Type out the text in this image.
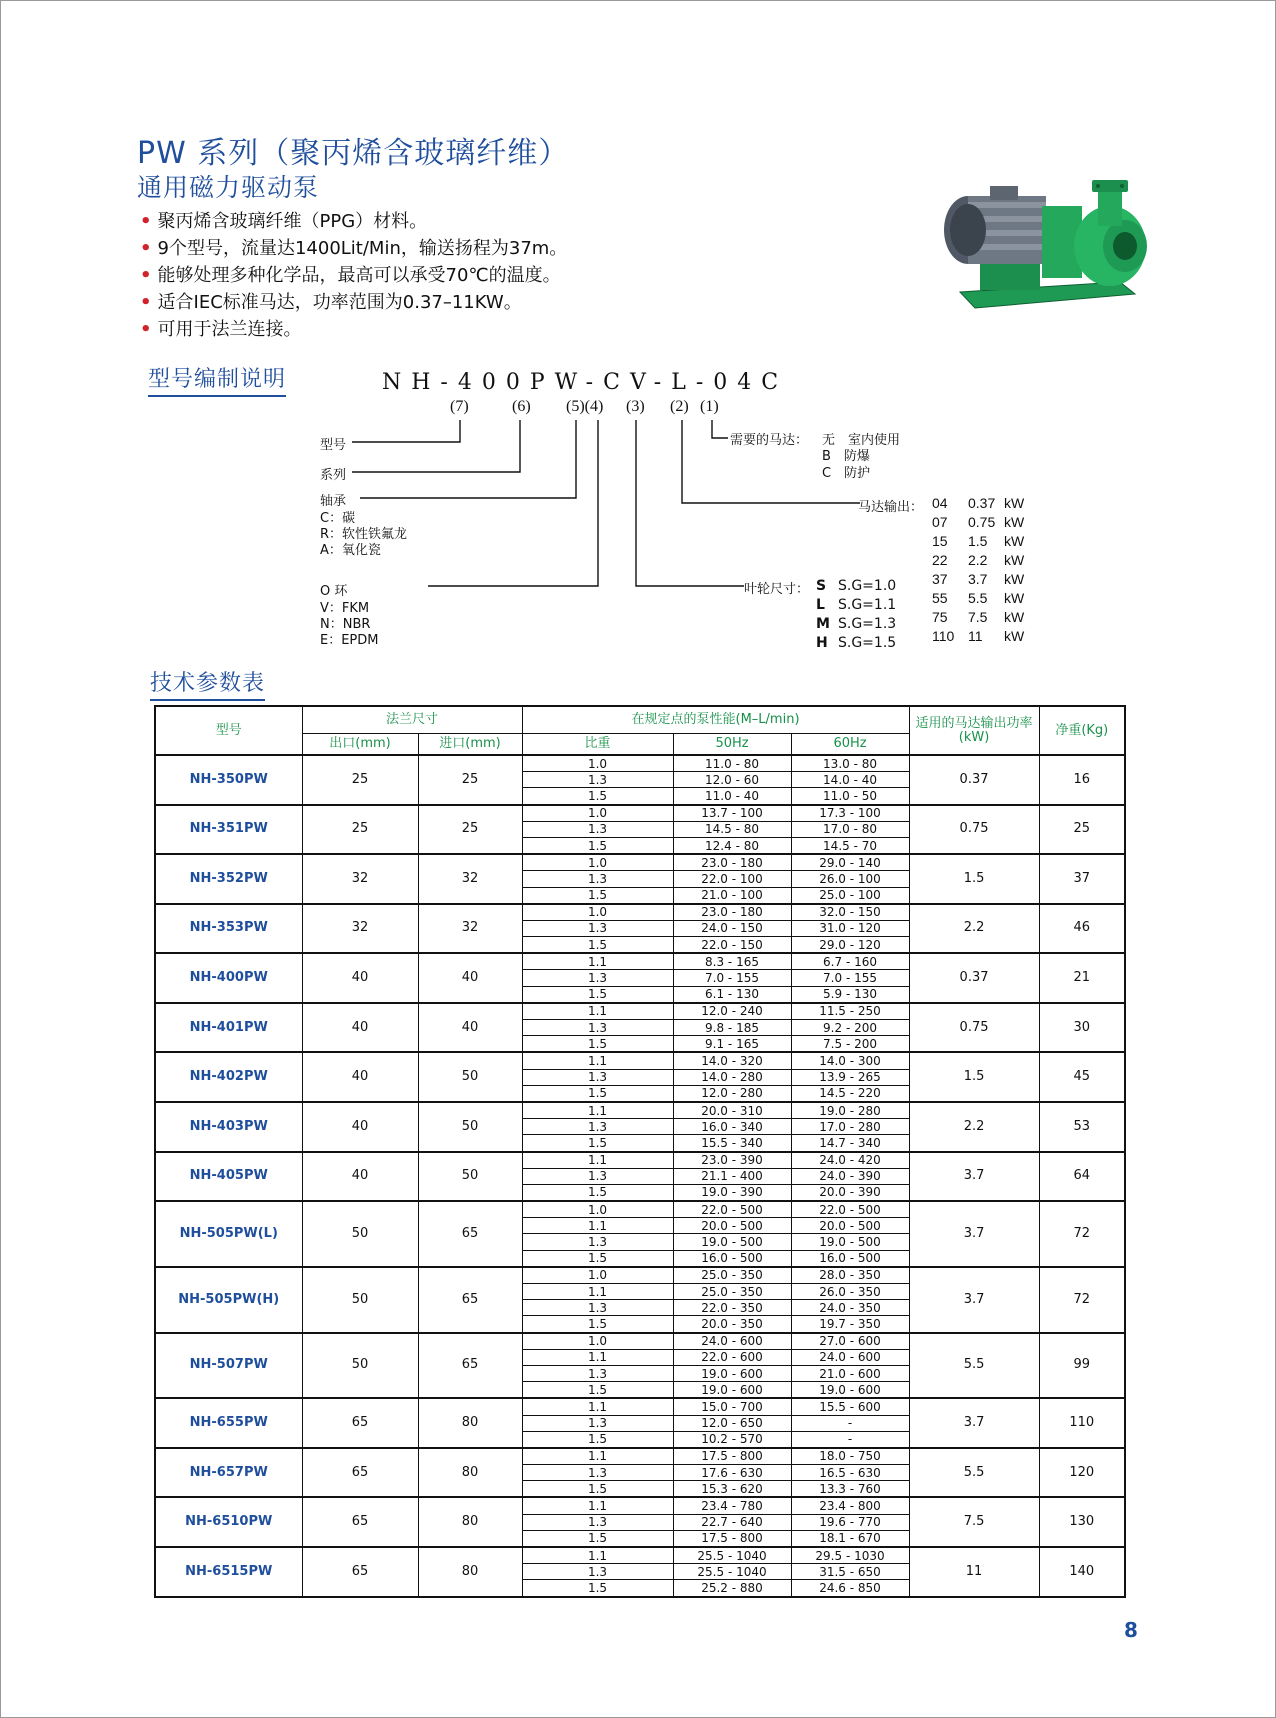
PW 系列（聚丙烯含玻璃纤维）
通用磁力驱动泵
• 聚丙烯含玻璃纤维（PPG）材料。
• 9个型号，流量达1400Lit/Min，输送扬程为37m。
• 能够处理多种化学品，最高可以承受70℃的温度。
• 适合IEC标准马达，功率范围为0.37–11KW。
• 可用于法兰连接。
型号编制说明	NH-400PW-CV-L-04C
(7)	(6) (5)(4) (3) (2) (1)
型号
系列
轴承
C：碳
R：软性铁氟龙
A：氧化瓷
O 环
V：FKM
N：NBR
E：EPDM
需要的马达： 无　室内使用
B　防爆
C　防护
马达输出： 04 0.37 kW
07 0.75 kW
15 1.5 kW
22 2.2 kW
37 3.7 kW
55 5.5 kW
75 7.5 kW
110 11 kW
叶轮尺寸： S S.G=1.0
L S.G=1.1
M S.G=1.3
H S.G=1.5
技术参数表
型号	法兰尺寸		在规定点的泵性能(M–L/min)			适用的马达输出功率(kW)	净重(Kg)
	出口(mm)	进口(mm)	比重	50Hz	60Hz		
NH-350PW	25	25	1.0	11.0 - 80	13.0 - 80	0.37	16
			1.3	12.0 - 60	14.0 - 40		
			1.5	11.0 - 40	11.0 - 50		
NH-351PW	25	25	1.0	13.7 - 100	17.3 - 100	0.75	25
			1.3	14.5 - 80	17.0 - 80		
			1.5	12.4 - 80	14.5 - 70		
NH-352PW	32	32	1.0	23.0 - 180	29.0 - 140	1.5	37
			1.3	22.0 - 100	26.0 - 100		
			1.5	21.0 - 100	25.0 - 100		
NH-353PW	32	32	1.0	23.0 - 180	32.0 - 150	2.2	46
			1.3	24.0 - 150	31.0 - 120		
			1.5	22.0 - 150	29.0 - 120		
NH-400PW	40	40	1.1	8.3 - 165	6.7 - 160	0.37	21
			1.3	7.0 - 155	7.0 - 155		
			1.5	6.1 - 130	5.9 - 130		
NH-401PW	40	40	1.1	12.0 - 240	11.5 - 250	0.75	30
			1.3	9.8 - 185	9.2 - 200		
			1.5	9.1 - 165	7.5 - 200		
NH-402PW	40	50	1.1	14.0 - 320	14.0 - 300	1.5	45
			1.3	14.0 - 280	13.9 - 265		
			1.5	12.0 - 280	14.5 - 220		
NH-403PW	40	50	1.1	20.0 - 310	19.0 - 280	2.2	53
			1.3	16.0 - 340	17.0 - 280		
			1.5	15.5 - 340	14.7 - 340		
NH-405PW	40	50	1.1	23.0 - 390	24.0 - 420	3.7	64
			1.3	21.1 - 400	24.0 - 390		
			1.5	19.0 - 390	20.0 - 390		
NH-505PW(L)	50	65	1.0	22.0 - 500	22.0 - 500	3.7	72
			1.1	20.0 - 500	20.0 - 500		
			1.3	19.0 - 500	19.0 - 500		
			1.5	16.0 - 500	16.0 - 500		
NH-505PW(H)	50	65	1.0	25.0 - 350	28.0 - 350	3.7	72
			1.1	25.0 - 350	26.0 - 350		
			1.3	22.0 - 350	24.0 - 350		
			1.5	20.0 - 350	19.7 - 350		
NH-507PW	50	65	1.0	24.0 - 600	27.0 - 600	5.5	99
			1.1	22.0 - 600	24.0 - 600		
			1.3	19.0 - 600	21.0 - 600		
			1.5	19.0 - 600	19.0 - 600		
NH-655PW	65	80	1.1	15.0 - 700	15.5 - 600	3.7	110
			1.3	12.0 - 650	-		
			1.5	10.2 - 570	-		
NH-657PW	65	80	1.1	17.5 - 800	18.0 - 750	5.5	120
			1.3	17.6 - 630	16.5 - 630		
			1.5	15.3 - 620	13.3 - 760		
NH-6510PW	65	80	1.1	23.4 - 780	23.4 - 800	7.5	130
			1.3	22.7 - 640	19.6 - 770		
			1.5	17.5 - 800	18.1 - 670		
NH-6515PW	65	80	1.1	25.5 - 1040	29.5 - 1030	11	140
			1.3	25.5 - 1040	31.5 - 650		
			1.5	25.2 - 880	24.6 - 850		
8
